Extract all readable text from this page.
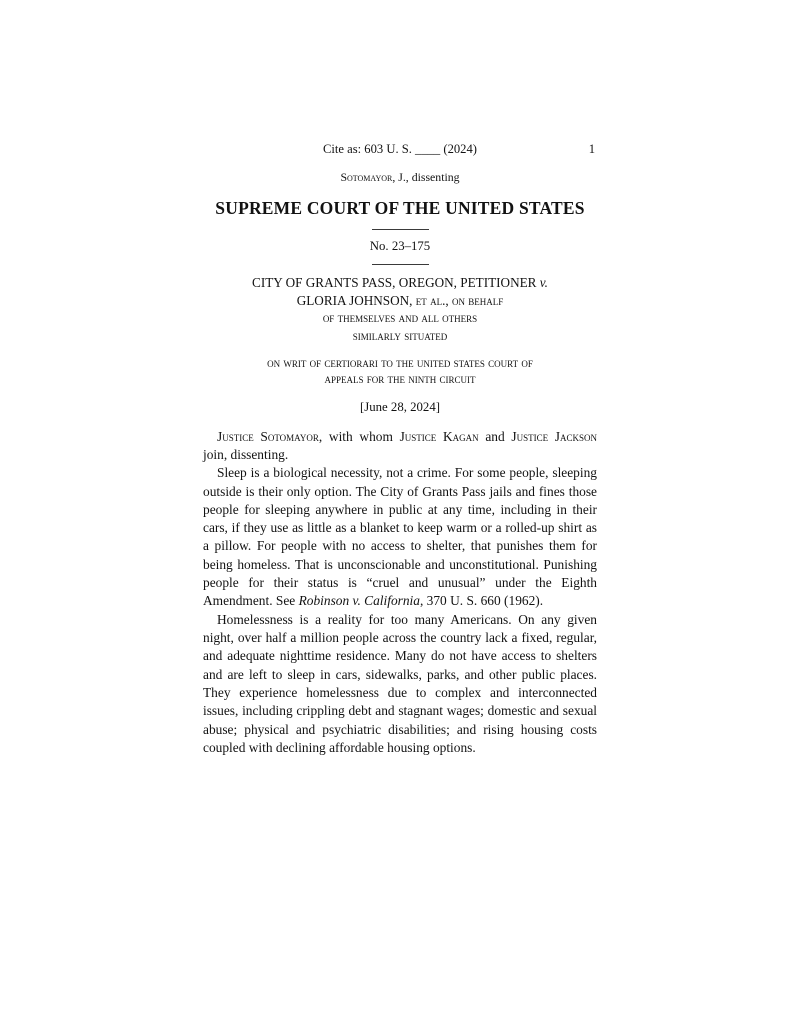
Cite as: 603 U. S. ____ (2024)	1
Sotomayor, J., dissenting
SUPREME COURT OF THE UNITED STATES
No. 23–175
CITY OF GRANTS PASS, OREGON, PETITIONER v.
GLORIA JOHNSON, et al., on behalf
of themselves and all others
similarly situated
on writ of certiorari to the united states court of
appeals for the ninth circuit
[June 28, 2024]

Justice Sotomayor, with whom Justice Kagan and Justice Jackson join, dissenting.

Sleep is a biological necessity, not a crime. For some people, sleeping outside is their only option. The City of Grants Pass jails and fines those people for sleeping anywhere in public at any time, including in their cars, if they use as little as a blanket to keep warm or a rolled-up shirt as a pillow. For people with no access to shelter, that punishes them for being homeless. That is unconscionable and unconstitutional. Punishing people for their status is “cruel and unusual” under the Eighth Amendment. See Robinson v. California, 370 U. S. 660 (1962).

Homelessness is a reality for too many Americans. On any given night, over half a million people across the country lack a fixed, regular, and adequate nighttime residence. Many do not have access to shelters and are left to sleep in cars, sidewalks, parks, and other public places. They experience homelessness due to complex and interconnected issues, including crippling debt and stagnant wages; domestic and sexual abuse; physical and psychiatric disabilities; and rising housing costs coupled with declining affordable housing options.
